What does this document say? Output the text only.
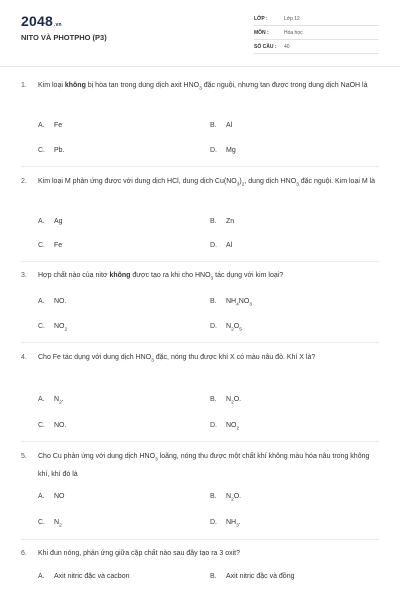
2048.vn
NITO VÀ PHOTPHO (P3)
LỚP :	Lớp 12
MÔN :	Hóa học
SỐ CÂU : 40
1. Kim loại không bị hòa tan trong dung dịch axit $HNO_3$ đặc nguội, nhưng tan được trong dung dịch NaOH là
A. Fe	B. Al
C. Pb.	D. Mg
2. Kim loại M phản ứng được với dung dịch HCl, dung dịch $Cu(NO_3)_2$, dung dịch $HNO_3$ đặc nguội. Kim loại M là
A. Ag	B. Zn
C. Fe	D. Al
3. Hợp chất nào của nitơ không được tạo ra khi cho $HNO_3$ tác dụng với kim loại?
A. NO.	B. $NH_4NO_3$
C. $NO_2$	D. $N_2O_5$
4. Cho Fe tác dụng với dung dịch $HNO_3$ đặc, nóng thu được khí X có màu nâu đỏ. Khí X là?
A. $N_2$.	B. $N_2O$.
C. NO.	D. $NO_2$
5. Cho Cu phản ứng với dung dịch $HNO_3$ loãng, nóng thu được một chất khí không màu hóa nâu trong không khí, khí đó là
A. NO	B. $N_2O$.
C. $N_2$	D. $NH_3$.
6. Khi đun nóng, phản ứng giữa cặp chất nào sau đây tạo ra 3 oxit?
A. Axit nitric đặc và cacbon	B. Axit nitric đặc và đồng
